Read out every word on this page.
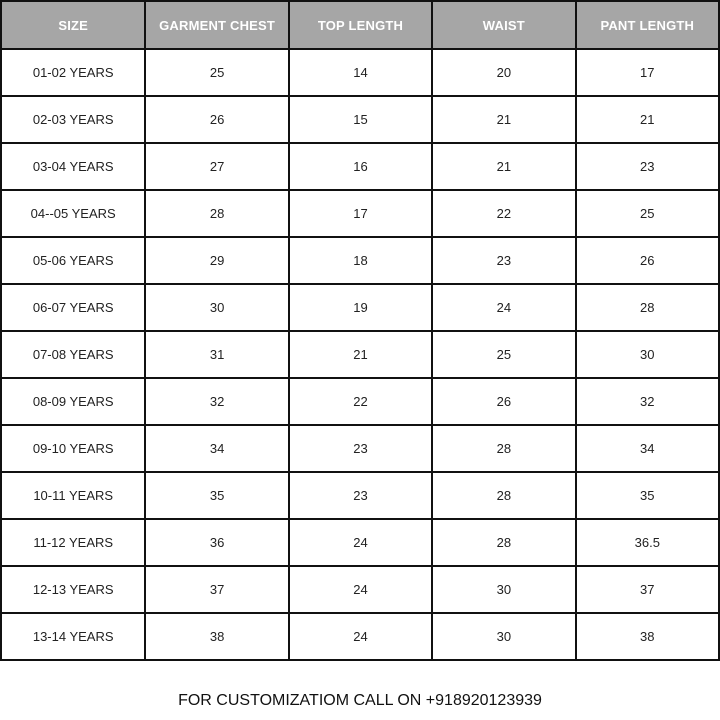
SIZE	GARMENT CHEST	TOP LENGTH	WAIST	PANT LENGTH
01-02 YEARS	25	14	20	17
02-03 YEARS	26	15	21	21
03-04 YEARS	27	16	21	23
04--05 YEARS	28	17	22	25
05-06 YEARS	29	18	23	26
06-07 YEARS	30	19	24	28
07-08 YEARS	31	21	25	30
08-09 YEARS	32	22	26	32
09-10 YEARS	34	23	28	34
10-11 YEARS	35	23	28	35
11-12 YEARS	36	24	28	36.5
12-13 YEARS	37	24	30	37
13-14 YEARS	38	24	30	38
FOR CUSTOMIZATIOM CALL ON +918920123939
